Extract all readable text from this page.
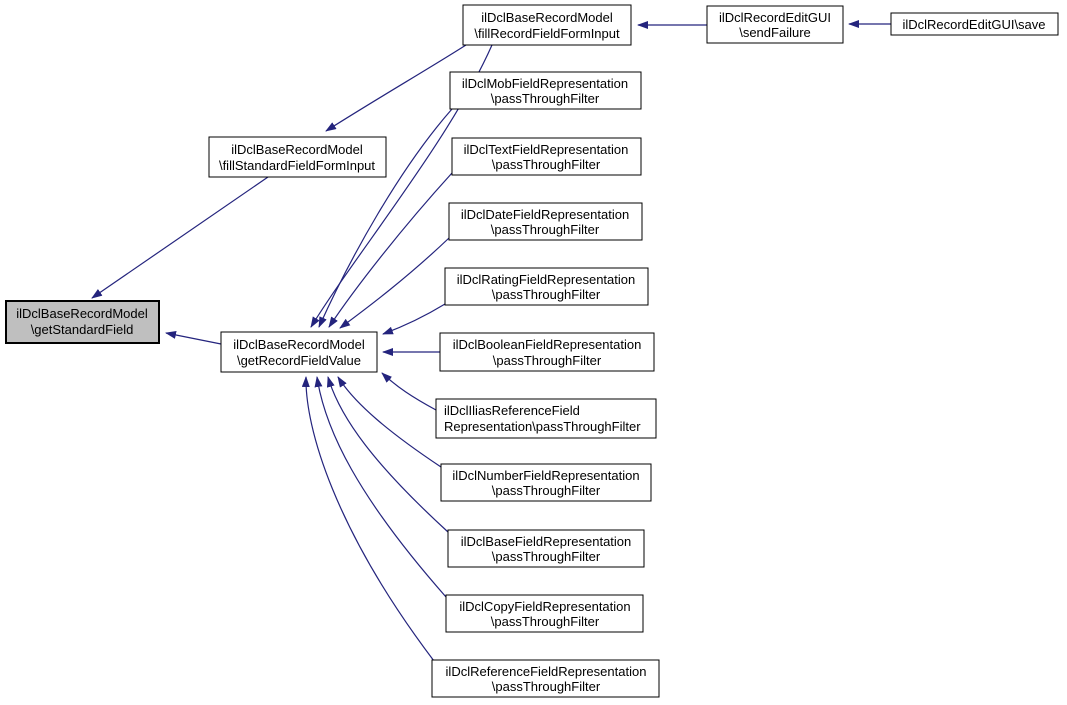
ilDclBaseRecordModel
\getStandardField
ilDclBaseRecordModel
\fillStandardFieldFormInput
ilDclBaseRecordModel
\fillRecordFieldFormInput
ilDclRecordEditGUI
\sendFailure
ilDclRecordEditGUI\save
ilDclBaseRecordModel
\getRecordFieldValue
ilDclMobFieldRepresentation
\passThroughFilter
ilDclTextFieldRepresentation
\passThroughFilter
ilDclDateFieldRepresentation
\passThroughFilter
ilDclRatingFieldRepresentation
\passThroughFilter
ilDclBooleanFieldRepresentation
\passThroughFilter
ilDclIliasReferenceField
Representation\passThroughFilter
ilDclNumberFieldRepresentation
\passThroughFilter
ilDclBaseFieldRepresentation
\passThroughFilter
ilDclCopyFieldRepresentation
\passThroughFilter
ilDclReferenceFieldRepresentation
\passThroughFilter
